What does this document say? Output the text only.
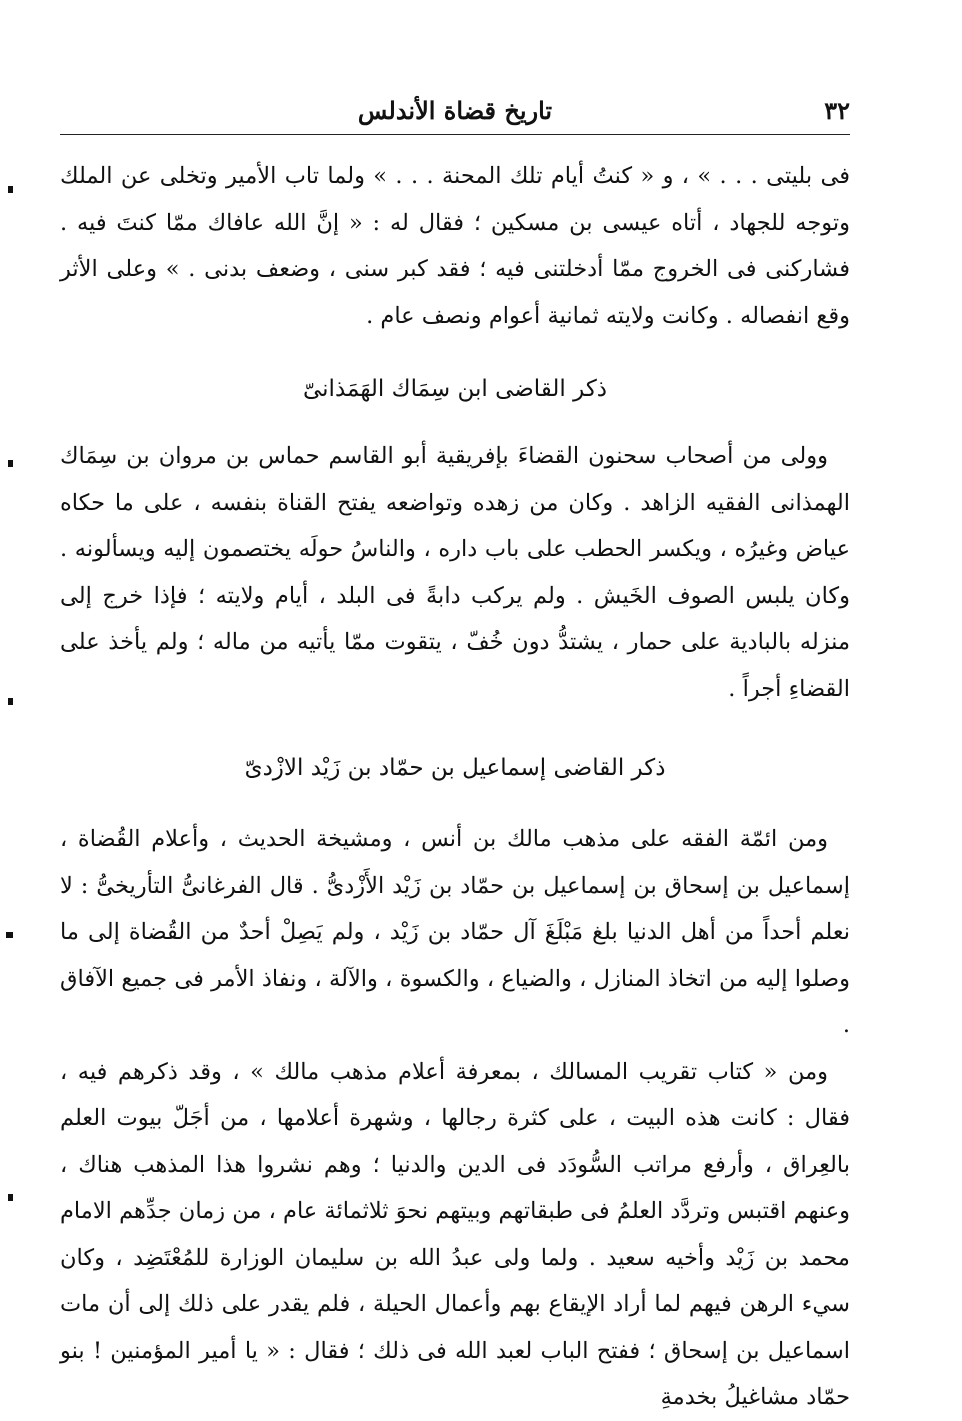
٣٢
تاريخ قضاة الأندلس

فى بليتى . . . » ، و « كنتُ أيام تلك المحنة . . . » ولما تاب الأمير وتخلى عن الملك وتوجه للجهاد ، أتاه عيسى بن مسكين ؛ فقال له : « إنَّ الله عافاك ممّا كنتَ فيه . فشاركنى فى الخروج ممّا أدخلتنى فيه ؛ فقد كبر سنى ، وضعف بدنى . » وعلى الأثر وقع انفصاله . وكانت ولايته ثمانية أعوام ونصف عام .

ذكر القاضى ابن سِمَاك الهَمَذانىّ

وولى من أصحاب سحنون القضاءَ بإفريقية أبو القاسم حماس بن مروان بن سِمَاك الهمذانى الفقيه الزاهد . وكان من زهده وتواضعه يفتح القناة بنفسه ، على ما حكاه عياض وغيرُه ، ويكسر الحطب على باب داره ، والناسُ حولَه يختصمون إليه ويسألونه . وكان يلبس الصوف الخَيش . ولم يركب دابةً فى البلد ، أيام ولايته ؛ فإذا خرج إلى منزله بالبادية على حمار ، يشتدُّ دون خُفّ ، يتقوت ممّا يأتيه من ماله ؛ ولم يأخذ على القضاءِ أجراً .

ذكر القاضى إسماعيل بن حمّاد بن زَيْد الازْدىّ

ومن ائمّة الفقه على مذهب مالك بن أنس ، ومشيخة الحديث ، وأعلام القُضاة ، إسماعيل بن إسحاق بن إسماعيل بن حمّاد بن زَيْد الأَزْدىُّ . قال الفرغانىُّ التأريخىُّ : لا نعلم أحداً من أهل الدنيا بلغ مَبْلَغَ آل حمّاد بن زَيْد ، ولم يَصِلْ أحدٌ من القُضاة إلى ما وصلوا إليه من اتخاذ المنازل ، والضياع ، والكسوة ، والآلة ، ونفاذ الأمر فى جميع الآفاق .

ومن « كتاب تقريب المسالك ، بمعرفة أعلام مذهب مالك » ، وقد ذكرهم فيه ، فقال : كانت هذه البيت ، على كثرة رجالها ، وشهرة أعلامها ، من أجَلّ بيوت العلم بالعِراق ، وأرفع مراتب السُّودَد فى الدين والدنيا ؛ وهم نشروا هذا المذهب هناك ، وعنهم اقتبس وتردَّد العلمُ فى طبقاتهم وبيتهم نحوَ ثلاثمائة عام ، من زمان جدِّهم الامام محمد بن زَيْد وأخيه سعيد . ولما ولى عبدُ الله بن سليمان الوزارة للمُعْتَضِد ، وكان سيء الرهن فيهم لما أراد الإيقاع بهم وأعمال الحيلة ، فلم يقدر على ذلك إلى أن مات اسماعيل بن إسحاق ؛ ففتح الباب لعبد الله فى ذلك ؛ فقال : « يا أمير المؤمنين ! بنو حمّاد مشاغيلُ بخدمةِ
